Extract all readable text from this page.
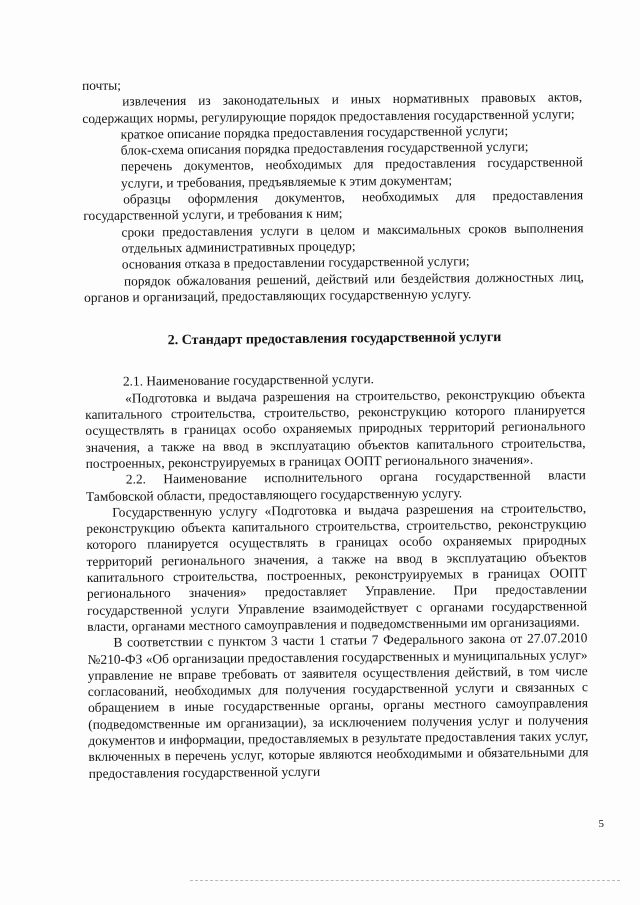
почты;

извлечения из законодательных и иных нормативных правовых актов, содержащих нормы, регулирующие порядок предоставления государственной услуги;

краткое описание порядка предоставления государственной услуги;

блок-схема описания порядка предоставления государственной услуги;

перечень документов, необходимых для предоставления государственной услуги, и требования, предъявляемые к этим документам;

образцы оформления документов, необходимых для предоставления государственной услуги, и требования к ним;

сроки предоставления услуги в целом и максимальных сроков выполнения отдельных административных процедур;

основания отказа в предоставлении государственной услуги;

порядок обжалования решений, действий или бездействия должностных лиц, органов и организаций, предоставляющих государственную услугу.

2. Стандарт предоставления государственной услуги

2.1. Наименование государственной услуги.

«Подготовка и выдача разрешения на строительство, реконструкцию объекта капитального строительства, строительство, реконструкцию которого планируется осуществлять в границах особо охраняемых природных территорий регионального значения, а также на ввод в эксплуатацию объектов капитального строительства, построенных, реконструируемых в границах ООПТ регионального значения».

2.2. Наименование исполнительного органа государственной власти Тамбовской области, предоставляющего государственную услугу.

Государственную услугу «Подготовка и выдача разрешения на строительство, реконструкцию объекта капитального строительства, строительство, реконструкцию которого планируется осуществлять в границах особо охраняемых природных территорий регионального значения, а также на ввод в эксплуатацию объектов капитального строительства, построенных, реконструируемых в границах ООПТ регионального значения» предоставляет Управление. При предоставлении государственной услуги Управление взаимодействует с органами государственной власти, органами местного самоуправления и подведомственными им организациями.

В соответствии с пунктом 3 части 1 статьи 7 Федерального закона от 27.07.2010 №210-ФЗ «Об организации предоставления государственных и муниципальных услуг» управление не вправе требовать от заявителя осуществления действий, в том числе согласований, необходимых для получения государственной услуги и связанных с обращением в иные государственные органы, органы местного самоуправления (подведомственные им организации), за исключением получения услуг и получения документов и информации, предоставляемых в результате предоставления таких услуг, включенных в перечень услуг, которые являются необходимыми и обязательными для предоставления государственной услуги

5
